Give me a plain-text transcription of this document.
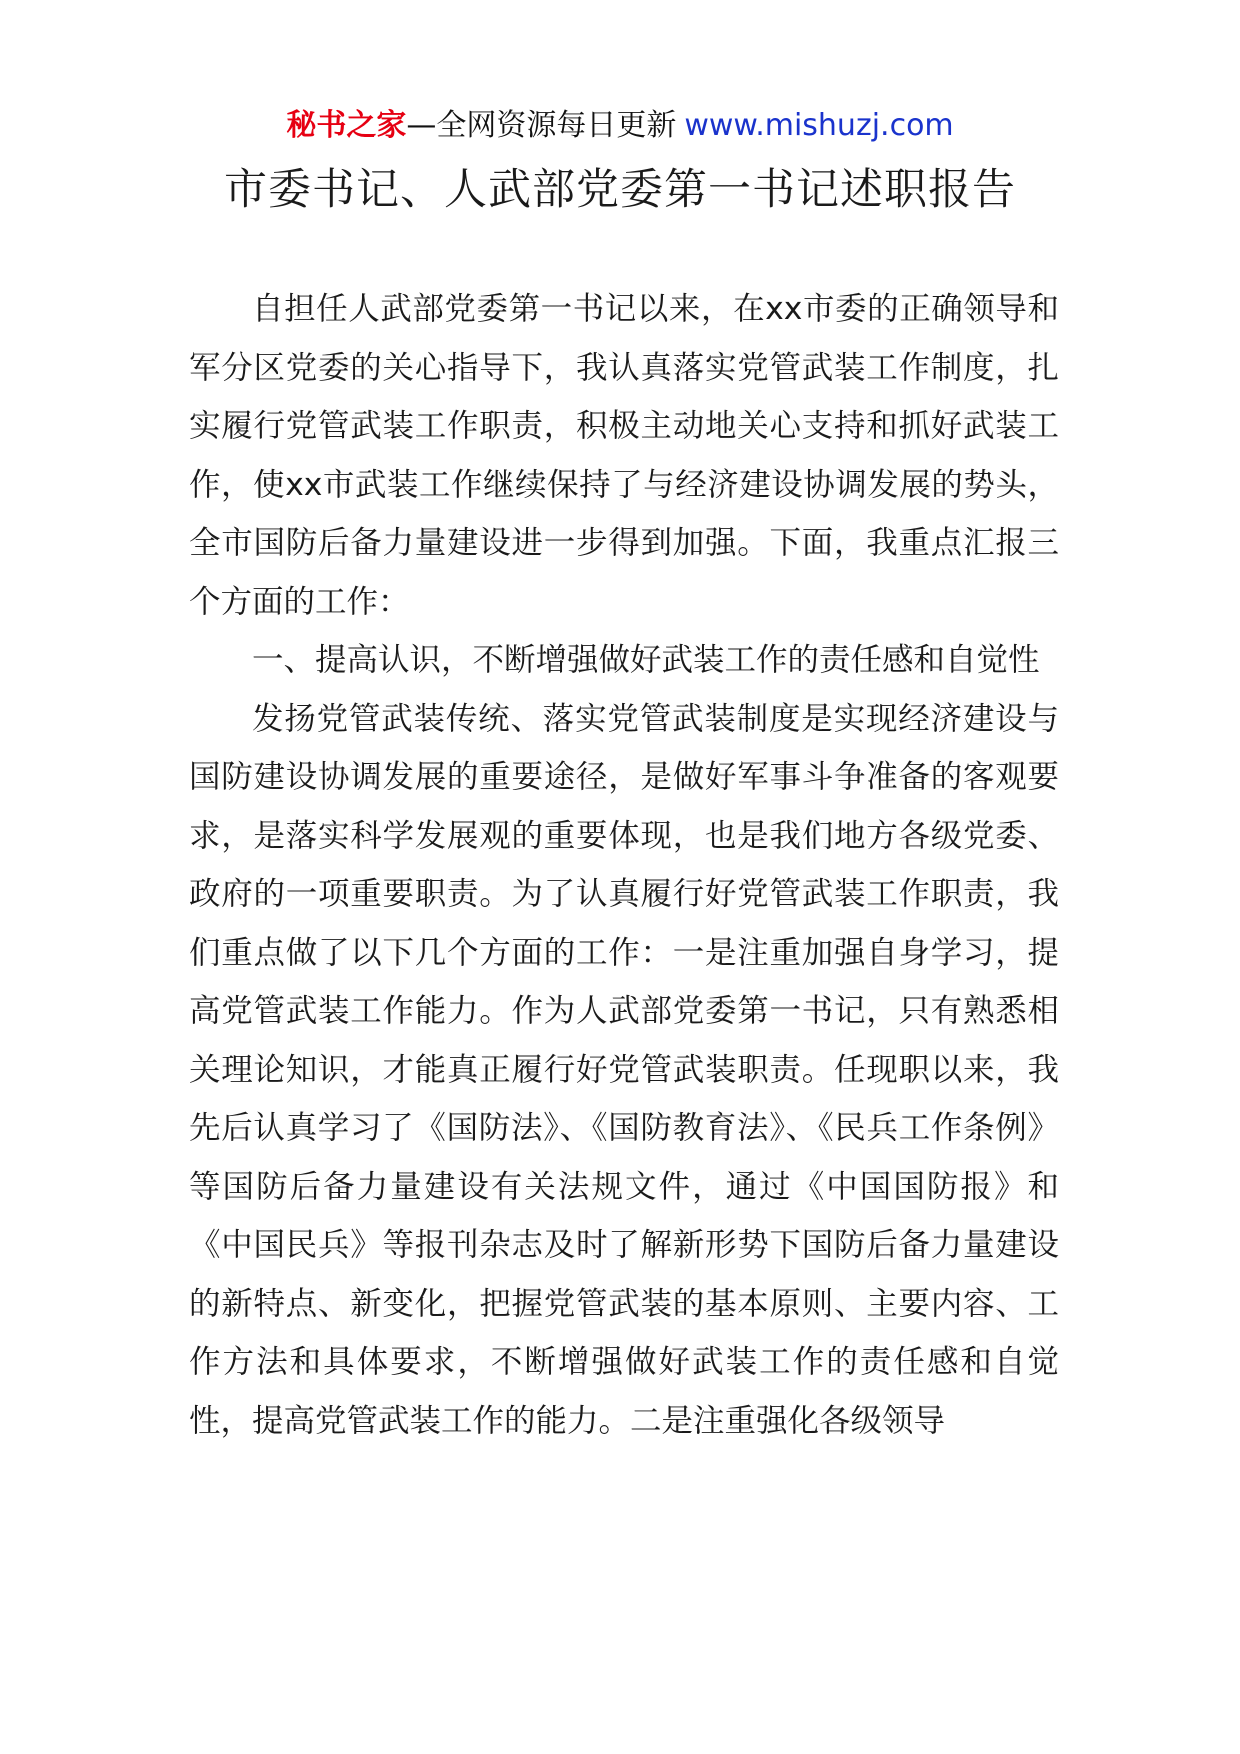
秘书之家—全网资源每日更新 www.mishuzj.com
市委书记、人武部党委第一书记述职报告

自担任人武部党委第一书记以来，在xx市委的正确领导和军分区党委的关心指导下，我认真落实党管武装工作制度，扎实履行党管武装工作职责，积极主动地关心支持和抓好武装工作，使xx市武装工作继续保持了与经济建设协调发展的势头，全市国防后备力量建设进一步得到加强。下面，我重点汇报三个方面的工作：

一、提高认识，不断增强做好武装工作的责任感和自觉性

发扬党管武装传统、落实党管武装制度是实现经济建设与国防建设协调发展的重要途径，是做好军事斗争准备的客观要求，是落实科学发展观的重要体现，也是我们地方各级党委、政府的一项重要职责。为了认真履行好党管武装工作职责，我们重点做了以下几个方面的工作：一是注重加强自身学习，提高党管武装工作能力。作为人武部党委第一书记，只有熟悉相关理论知识，才能真正履行好党管武装职责。任现职以来，我先后认真学习了《国防法》、《国防教育法》、《民兵工作条例》等国防后备力量建设有关法规文件，通过《中国国防报》和《中国民兵》等报刊杂志及时了解新形势下国防后备力量建设的新特点、新变化，把握党管武装的基本原则、主要内容、工作方法和具体要求，不断增强做好武装工作的责任感和自觉性，提高党管武装工作的能力。二是注重强化各级领导
